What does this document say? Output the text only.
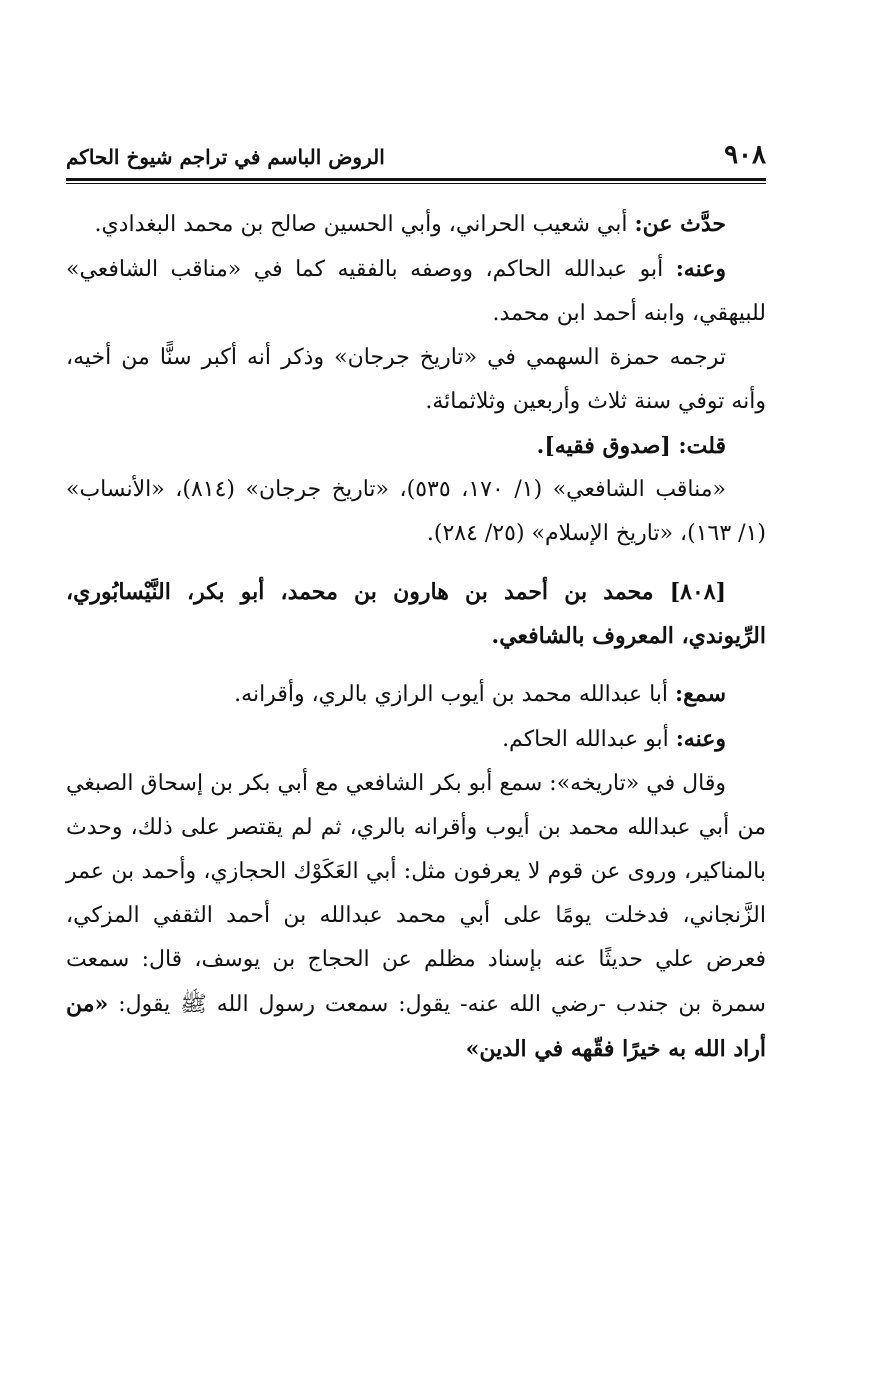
٩٠٨
الروض الباسم في تراجم شيوخ الحاكم

حدَّث عن: أبي شعيب الحراني، وأبي الحسين صالح بن محمد البغدادي.

وعنه: أبو عبدالله الحاكم، ووصفه بالفقيه كما في «مناقب الشافعي» للبيهقي، وابنه أحمد ابن محمد.

ترجمه حمزة السهمي في «تاريخ جرجان» وذكر أنه أكبر سنًّا من أخيه، وأنه توفي سنة ثلاث وأربعين وثلاثمائة.

قلت: [صدوق فقيه].

«مناقب الشافعي» (١/ ١٧٠، ٥٣٥)، «تاريخ جرجان» (٨١٤)، «الأنساب» (١/ ١٦٣)، «تاريخ الإسلام» (٢٥/ ٢٨٤).

[٨٠٨] محمد بن أحمد بن هارون بن محمد، أبو بكر، النَّيْسابُوري، الرِّيوندي، المعروف بالشافعي.

سمع: أبا عبدالله محمد بن أيوب الرازي بالري، وأقرانه.

وعنه: أبو عبدالله الحاكم.

وقال في «تاريخه»: سمع أبو بكر الشافعي مع أبي بكر بن إسحاق الصبغي من أبي عبدالله محمد بن أيوب وأقرانه بالري، ثم لم يقتصر على ذلك، وحدث بالمناكير، وروى عن قوم لا يعرفون مثل: أبي العَكَوْك الحجازي، وأحمد بن عمر الزَّنجاني، فدخلت يومًا على أبي محمد عبدالله بن أحمد الثقفي المزكي، فعرض علي حديثًا عنه بإسناد مظلم عن الحجاج بن يوسف، قال: سمعت سمرة بن جندب -رضي الله عنه- يقول: سمعت رسول الله ﷺ يقول: «من أراد الله به خيرًا فقّهه في الدين»
